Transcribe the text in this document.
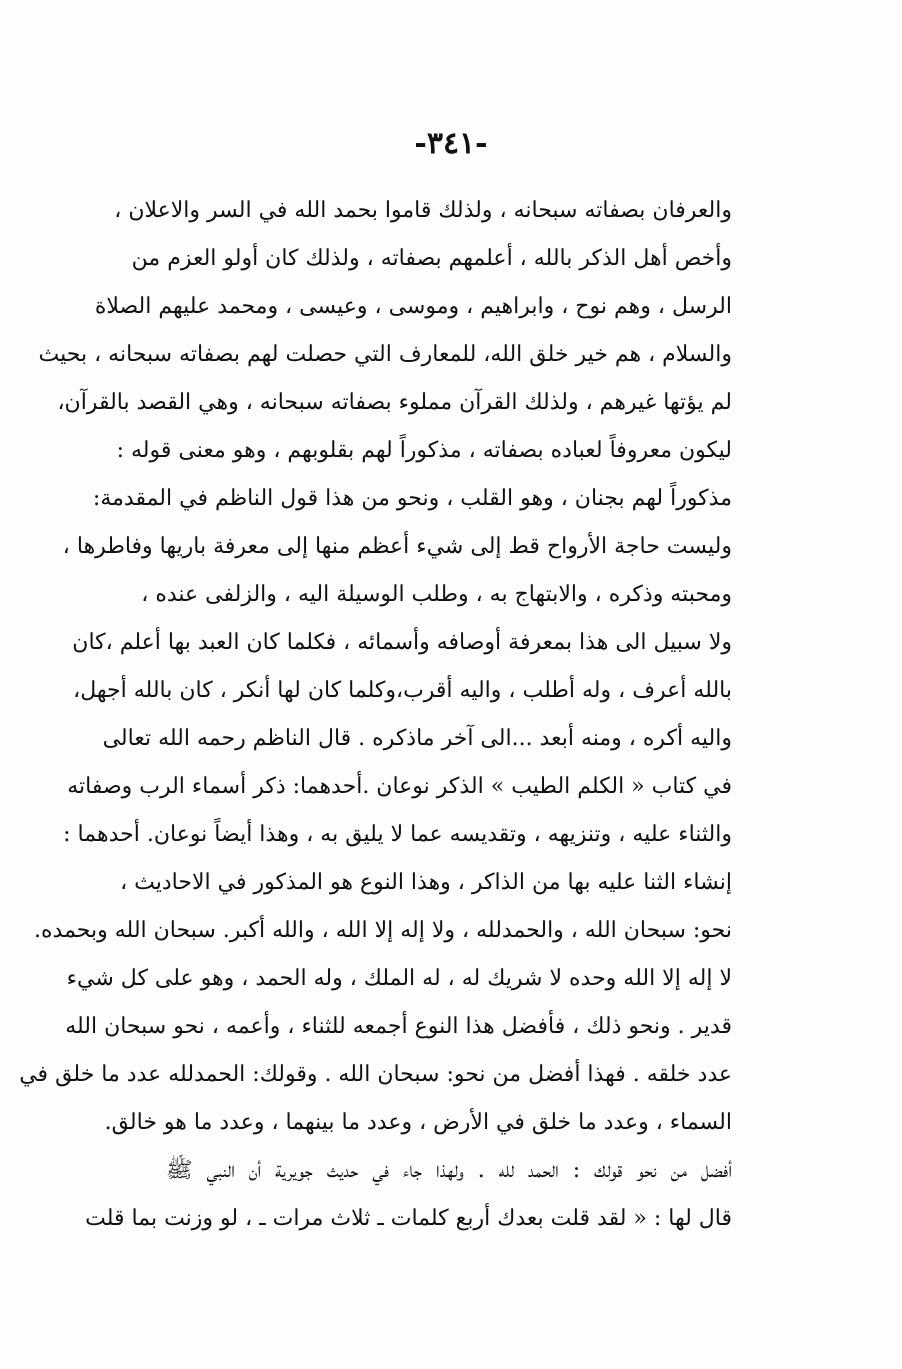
-٣٤١-
والعرفان بصفاته سبحانه ، ولذلك قاموا بحمد الله في السر والاعلان ،
وأخص أهل الذكر بالله ، أعلمهم بصفاته ، ولذلك كان أولو العزم من
الرسل ، وهم نوح ، وابراهيم ، وموسى ، وعيسى ، ومحمد عليهم الصلاة
والسلام ، هم خير خلق الله، للمعارف التي حصلت لهم بصفاته سبحانه ، بحيث
لم يؤتها غيرهم ، ولذلك القرآن مملوء بصفاته سبحانه ، وهي القصد بالقرآن،
ليكون معروفاً لعباده بصفاته ، مذكوراً لهم بقلوبهم ، وهو معنى قوله :
مذكوراً لهم بجنان ، وهو القلب ، ونحو من هذا قول الناظم في المقدمة:
وليست حاجة الأرواح قط إلى شيء أعظم منها إلى معرفة باريها وفاطرها ،
ومحبته وذكره ، والابتهاج به ، وطلب الوسيلة اليه ، والزلفى عنده ،
ولا سبيل الى هذا بمعرفة أوصافه وأسمائه ، فكلما كان العبد بها أعلم ،كان
بالله أعرف ، وله أطلب ، واليه أقرب،وكلما كان لها أنكر ، كان بالله أجهل،
واليه أكره ، ومنه أبعد ...الى آخر ماذكره . قال الناظم رحمه الله تعالى
في كتاب « الكلم الطيب » الذكر نوعان .أحدهما: ذكر أسماء الرب وصفاته
والثناء عليه ، وتنزيهه ، وتقديسه عما لا يليق به ، وهذا أيضاً نوعان. أحدهما :
إنشاء الثنا عليه بها من الذاكر ، وهذا النوع هو المذكور في الاحاديث ،
نحو: سبحان الله ، والحمدلله ، ولا إله إلا الله ، والله أكبر. سبحان الله وبحمده.
لا إله إلا الله وحده لا شريك له ، له الملك ، وله الحمد ، وهو على كل شيء
قدير . ونحو ذلك ، فأفضل هذا النوع أجمعه للثناء ، وأعمه ، نحو سبحان الله
عدد خلقه . فهذا أفضل من نحو: سبحان الله . وقولك: الحمدلله عدد ما خلق في
السماء ، وعدد ما خلق في الأرض ، وعدد ما بينهما ، وعدد ما هو خالق.
أفضل من نحو قولك : الحمد لله . ولهذا جاء في حديث جويرية أن النبي ﷺ
قال لها : « لقد قلت بعدك أربع كلمات ـ ثلاث مرات ـ ، لو وزنت بما قلت
